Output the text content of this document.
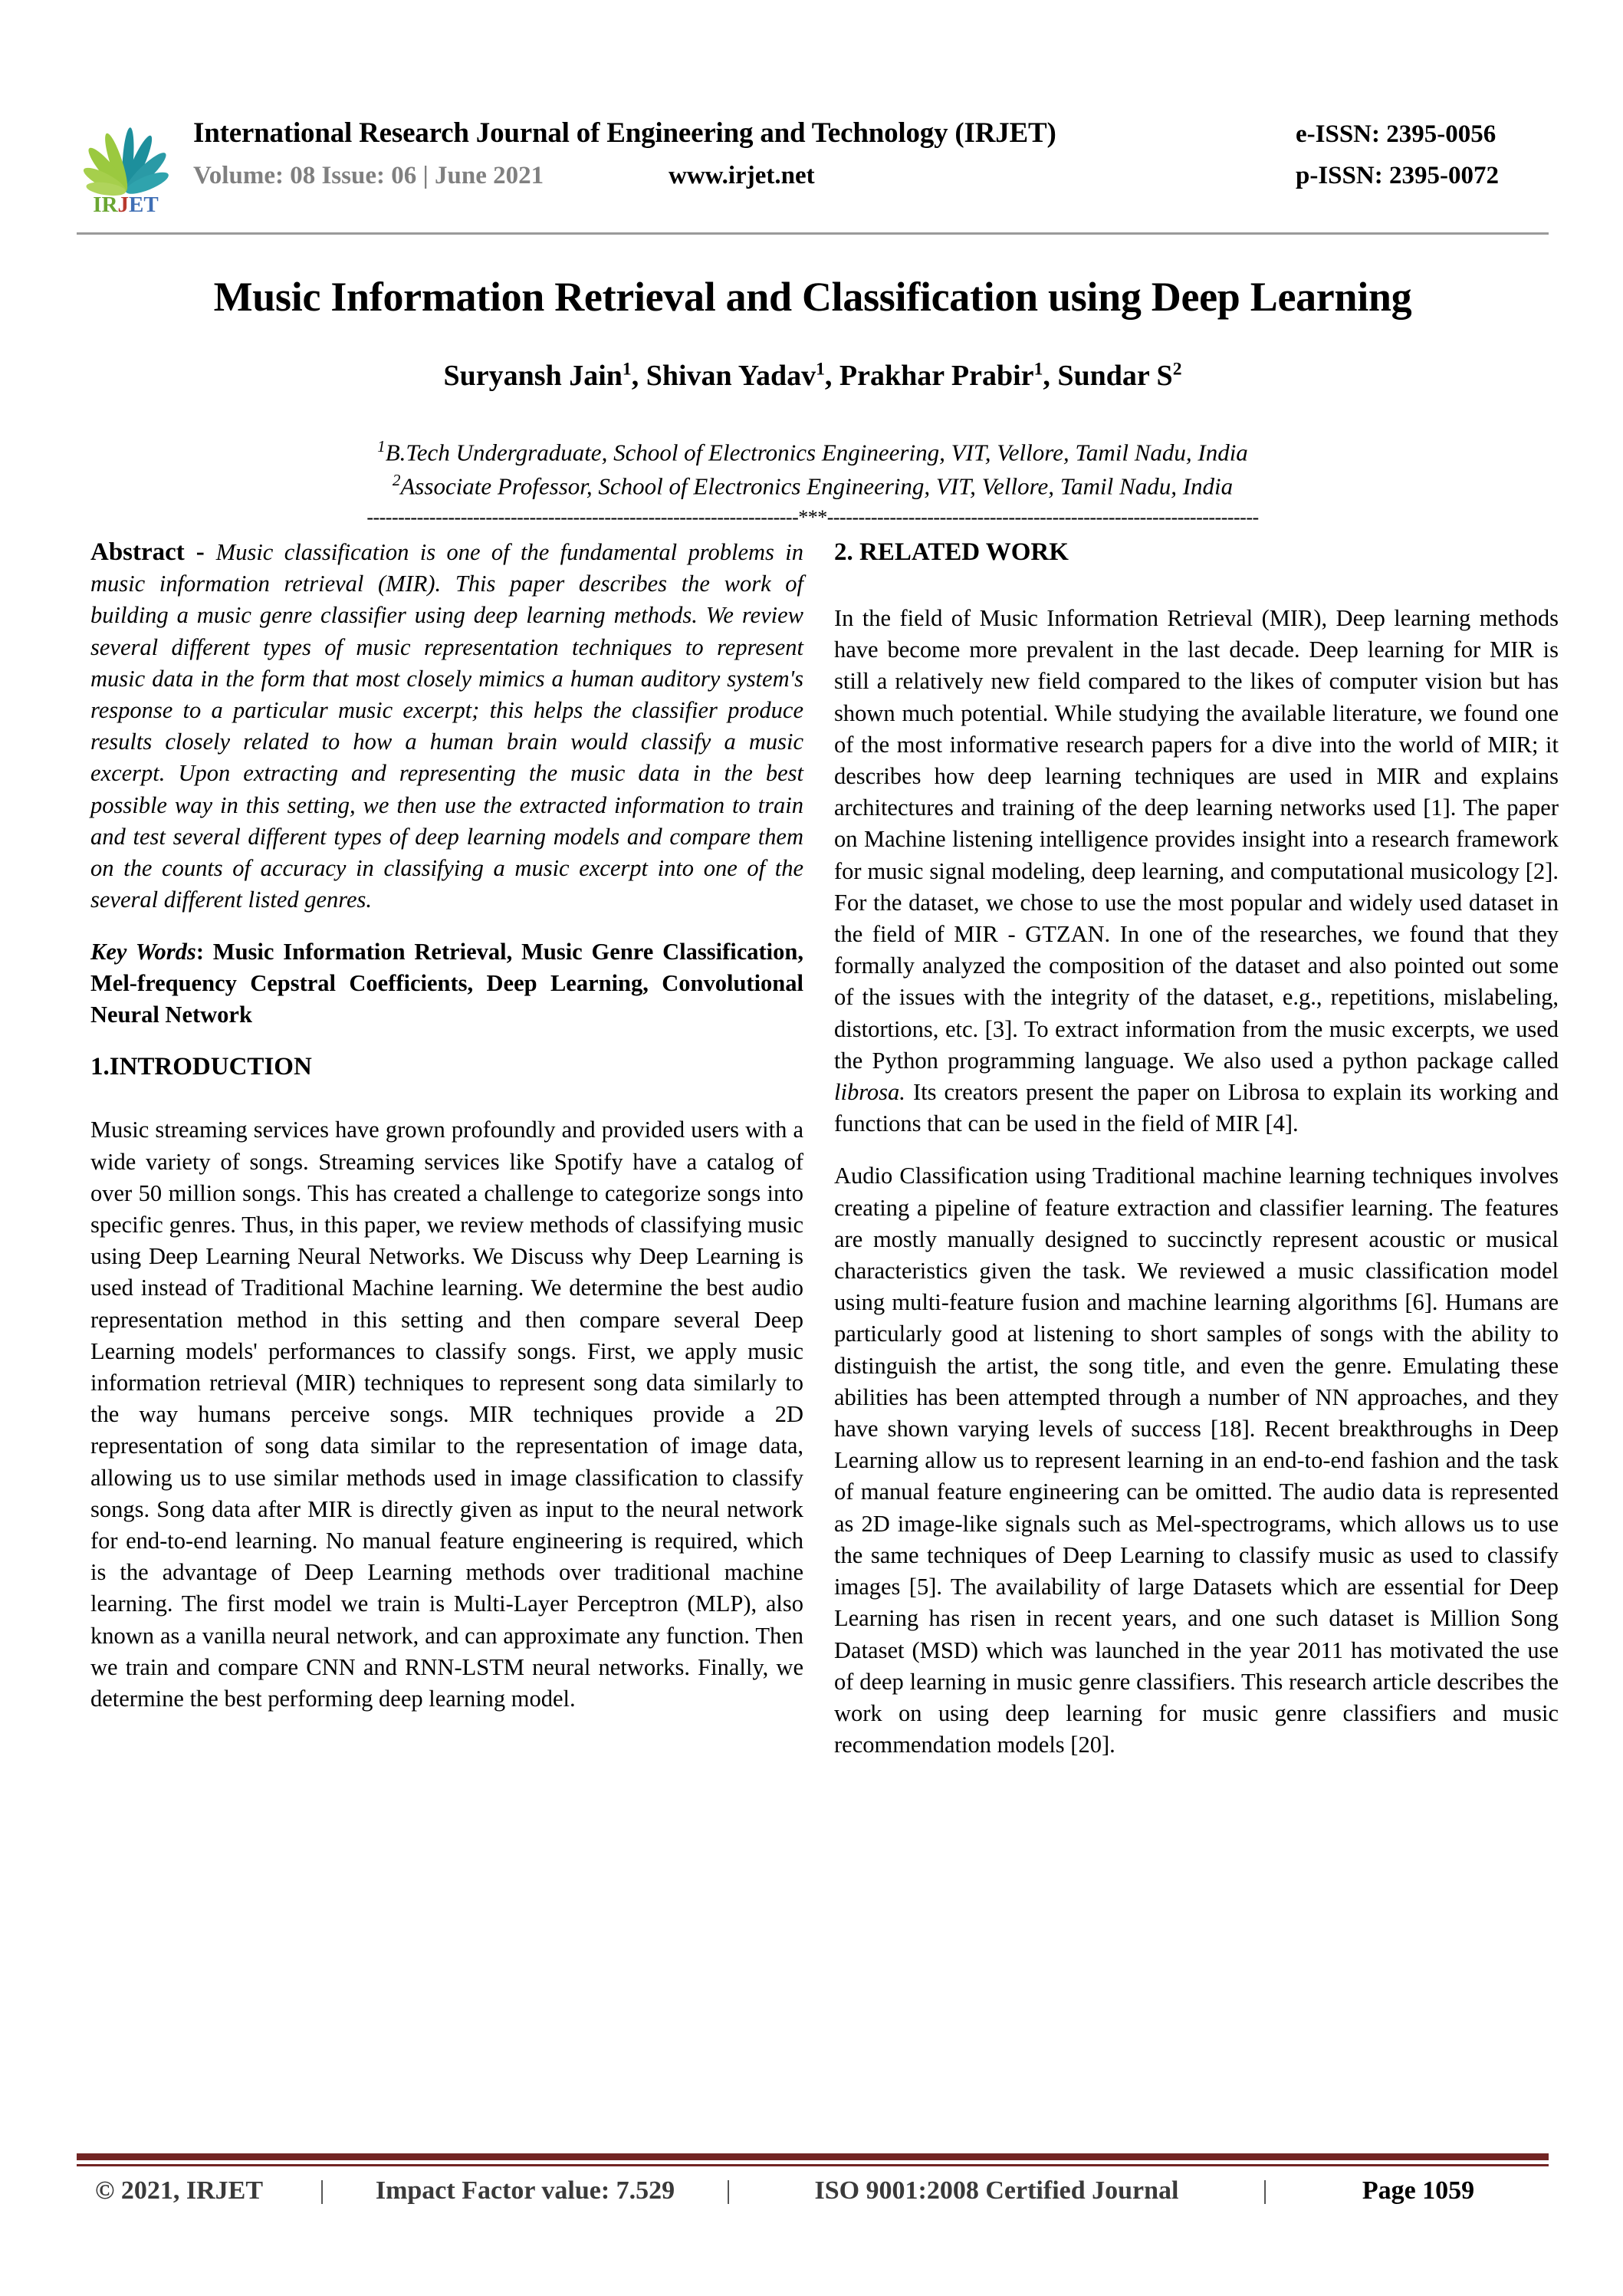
IRJET
International Research Journal of Engineering and Technology (IRJET)	e-ISSN: 2395-0056
Volume: 08 Issue: 06 | June 2021	www.irjet.net	p-ISSN: 2395-0072
Music Information Retrieval and Classification using Deep Learning
Suryansh Jain$^1$, Shivan Yadav$^1$, Prakhar Prabir$^1$, Sundar $S^2$
$^1$B.Tech Undergraduate, School of Electronics Engineering, VIT, Vellore, Tamil Nadu, India
$^2$Associate Professor, School of Electronics Engineering, VIT, Vellore, Tamil Nadu, India
---------------------------------------------------------------------***---------------------------------------------------------------------

Abstract - Music classification is one of the fundamental problems in music information retrieval (MIR). This paper describes the work of building a music genre classifier using deep learning methods. We review several different types of music representation techniques to represent music data in the form that most closely mimics a human auditory system's response to a particular music excerpt; this helps the classifier produce results closely related to how a human brain would classify a music excerpt. Upon extracting and representing the music data in the best possible way in this setting, we then use the extracted information to train and test several different types of deep learning models and compare them on the counts of accuracy in classifying a music excerpt into one of the several different listed genres.

Key Words: Music Information Retrieval, Music Genre Classification, Mel-frequency Cepstral Coefficients, Deep Learning, Convolutional Neural Network

1.INTRODUCTION

Music streaming services have grown profoundly and provided users with a wide variety of songs. Streaming services like Spotify have a catalog of over 50 million songs. This has created a challenge to categorize songs into specific genres. Thus, in this paper, we review methods of classifying music using Deep Learning Neural Networks. We Discuss why Deep Learning is used instead of Traditional Machine learning. We determine the best audio representation method in this setting and then compare several Deep Learning models' performances to classify songs. First, we apply music information retrieval (MIR) techniques to represent song data similarly to the way humans perceive songs. MIR techniques provide a 2D representation of song data similar to the representation of image data, allowing us to use similar methods used in image classification to classify songs. Song data after MIR is directly given as input to the neural network for end-to-end learning. No manual feature engineering is required, which is the advantage of Deep Learning methods over traditional machine learning. The first model we train is Multi-Layer Perceptron (MLP), also known as a vanilla neural network, and can approximate any function. Then we train and compare CNN and RNN-LSTM neural networks. Finally, we determine the best performing deep learning model.

2. RELATED WORK

In the field of Music Information Retrieval (MIR), Deep learning methods have become more prevalent in the last decade. Deep learning for MIR is still a relatively new field compared to the likes of computer vision but has shown much potential. While studying the available literature, we found one of the most informative research papers for a dive into the world of MIR; it describes how deep learning techniques are used in MIR and explains architectures and training of the deep learning networks used [1]. The paper on Machine listening intelligence provides insight into a research framework for music signal modeling, deep learning, and computational musicology [2]. For the dataset, we chose to use the most popular and widely used dataset in the field of MIR - GTZAN. In one of the researches, we found that they formally analyzed the composition of the dataset and also pointed out some of the issues with the integrity of the dataset, e.g., repetitions, mislabeling, distortions, etc. [3]. To extract information from the music excerpts, we used the Python programming language. We also used a python package called librosa. Its creators present the paper on Librosa to explain its working and functions that can be used in the field of MIR [4].

Audio Classification using Traditional machine learning techniques involves creating a pipeline of feature extraction and classifier learning. The features are mostly manually designed to succinctly represent acoustic or musical characteristics given the task. We reviewed a music classification model using multi-feature fusion and machine learning algorithms [6]. Humans are particularly good at listening to short samples of songs with the ability to distinguish the artist, the song title, and even the genre. Emulating these abilities has been attempted through a number of NN approaches, and they have shown varying levels of success [18]. Recent breakthroughs in Deep Learning allow us to represent learning in an end-to-end fashion and the task of manual feature engineering can be omitted. The audio data is represented as 2D image-like signals such as Mel-spectrograms, which allows us to use the same techniques of Deep Learning to classify music as used to classify images [5]. The availability of large Datasets which are essential for Deep Learning has risen in recent years, and one such dataset is Million Song Dataset (MSD) which was launched in the year 2011 has motivated the use of deep learning in music genre classifiers. This research article describes the work on using deep learning for music genre classifiers and music recommendation models [20].

© 2021, IRJET	|	Impact Factor value: 7.529	|	ISO 9001:2008 Certified Journal	|	Page 1059
